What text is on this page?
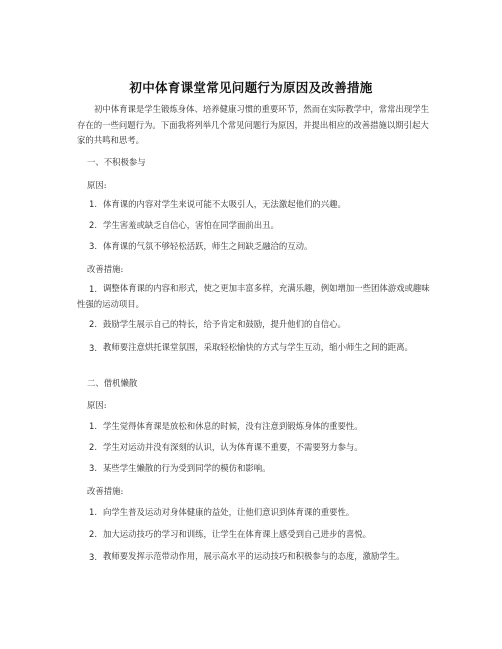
初中体育课堂常见问题行为原因及改善措施
初中体育课是学生锻炼身体、培养健康习惯的重要环节，然而在实际教学中，常常出现学生存在的一些问题行为。下面我将列举几个常见问题行为原因，并提出相应的改善措施以期引起大家的共鸣和思考。
一、不积极参与
原因:
1. 体育课的内容对学生来说可能不太吸引人，无法激起他们的兴趣。
2. 学生害羞或缺乏自信心，害怕在同学面前出丑。
3. 体育课的气氛不够轻松活跃，师生之间缺乏融洽的互动。
改善措施:
1. 调整体育课的内容和形式，使之更加丰富多样，充满乐趣，例如增加一些团体游戏或趣味性强的运动项目。
2. 鼓励学生展示自己的特长，给予肯定和鼓励，提升他们的自信心。
3. 教师要注意烘托课堂氛围，采取轻松愉快的方式与学生互动，缩小师生之间的距离。
二、借机懒散
原因:
1. 学生觉得体育课是放松和休息的时候，没有注意到锻炼身体的重要性。
2. 学生对运动并没有深刻的认识，认为体育课不重要，不需要努力参与。
3. 某些学生懒散的行为受到同学的模仿和影响。
改善措施:
1. 向学生普及运动对身体健康的益处，让他们意识到体育课的重要性。
2. 加大运动技巧的学习和训练，让学生在体育课上感受到自己进步的喜悦。
3. 教师要发挥示范带动作用，展示高水平的运动技巧和积极参与的态度，激励学生。
